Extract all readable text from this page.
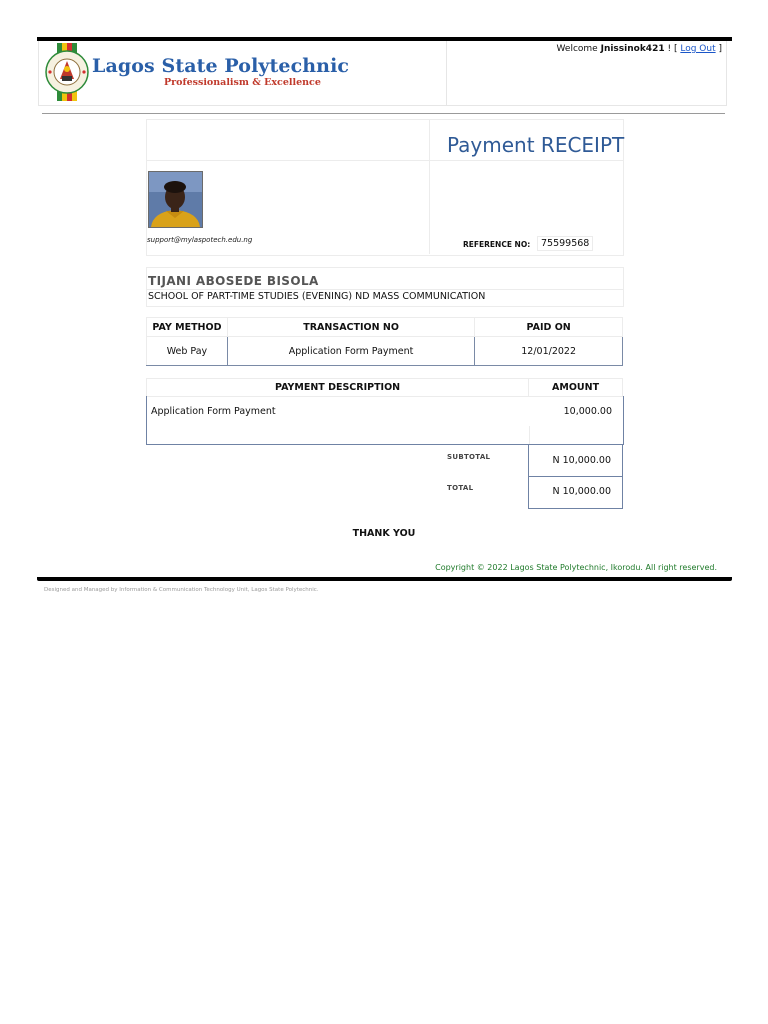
Lagos State Polytechnic
Professionalism & Excellence
Welcome Jnissinok421 ! [ Log Out ]
Payment RECEIPT
support@mylaspotech.edu.ng	REFERENCE NO:	75599568
TIJANI ABOSEDE BISOLA
SCHOOL OF PART-TIME STUDIES (EVENING) ND MASS COMMUNICATION
PAY METHOD	TRANSACTION NO	PAID ON
Web Pay	Application Form Payment	12/01/2022
PAYMENT DESCRIPTION	AMOUNT
Application Form Payment	10,000.00
SUBTOTAL	N 10,000.00
TOTAL	N 10,000.00
THANK YOU
Copyright © 2022 Lagos State Polytechnic, Ikorodu. All right reserved.
Designed and Managed by Information & Communication Technology Unit, Lagos State Polytechnic.
